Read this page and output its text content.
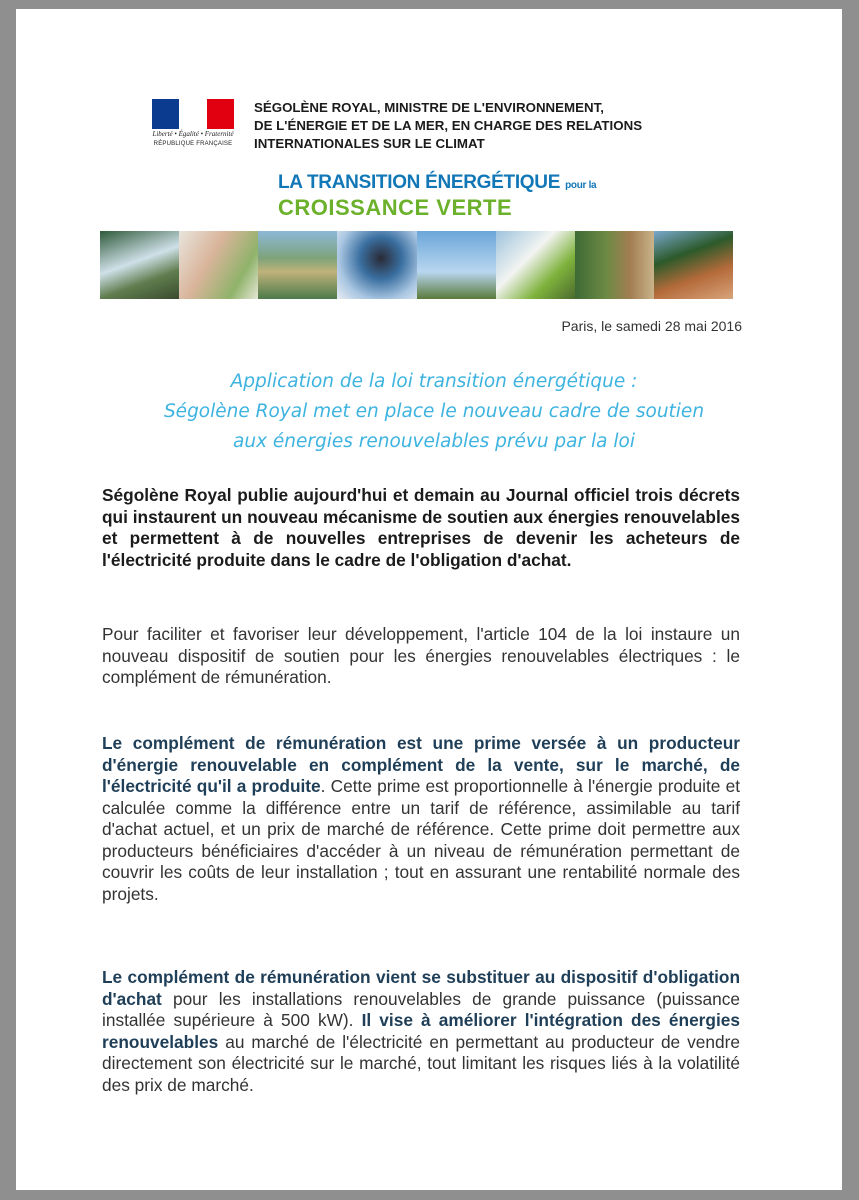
Liberté • Égalité • Fraternité
RÉPUBLIQUE FRANÇAISE
SÉGOLÈNE ROYAL, MINISTRE DE L'ENVIRONNEMENT,
DE L'ÉNERGIE ET DE LA MER, EN CHARGE DES RELATIONS
INTERNATIONALES SUR LE CLIMAT
LA TRANSITION ÉNERGÉTIQUE pour la
CROISSANCE VERTE
Paris, le samedi 28 mai 2016
Application de la loi transition énergétique :
Ségolène Royal met en place le nouveau cadre de soutien
aux énergies renouvelables prévu par la loi
Ségolène Royal publie aujourd'hui et demain au Journal officiel trois décrets qui instaurent un nouveau mécanisme de soutien aux énergies renouvelables et permettent à de nouvelles entreprises de devenir les acheteurs de l'électricité produite dans le cadre de l'obligation d'achat.
Pour faciliter et favoriser leur développement, l'article 104 de la loi instaure un nouveau dispositif de soutien pour les énergies renouvelables électriques : le complément de rémunération.
Le complément de rémunération est une prime versée à un producteur d'énergie renouvelable en complément de la vente, sur le marché, de l'électricité qu'il a produite. Cette prime est proportionnelle à l'énergie produite et calculée comme la différence entre un tarif de référence, assimilable au tarif d'achat actuel, et un prix de marché de référence. Cette prime doit permettre aux producteurs bénéficiaires d'accéder à un niveau de rémunération permettant de couvrir les coûts de leur installation ; tout en assurant une rentabilité normale des projets.
Le complément de rémunération vient se substituer au dispositif d'obligation d'achat pour les installations renouvelables de grande puissance (puissance installée supérieure à 500 kW). Il vise à améliorer l'intégration des énergies renouvelables au marché de l'électricité en permettant au producteur de vendre directement son électricité sur le marché, tout limitant les risques liés à la volatilité des prix de marché.
